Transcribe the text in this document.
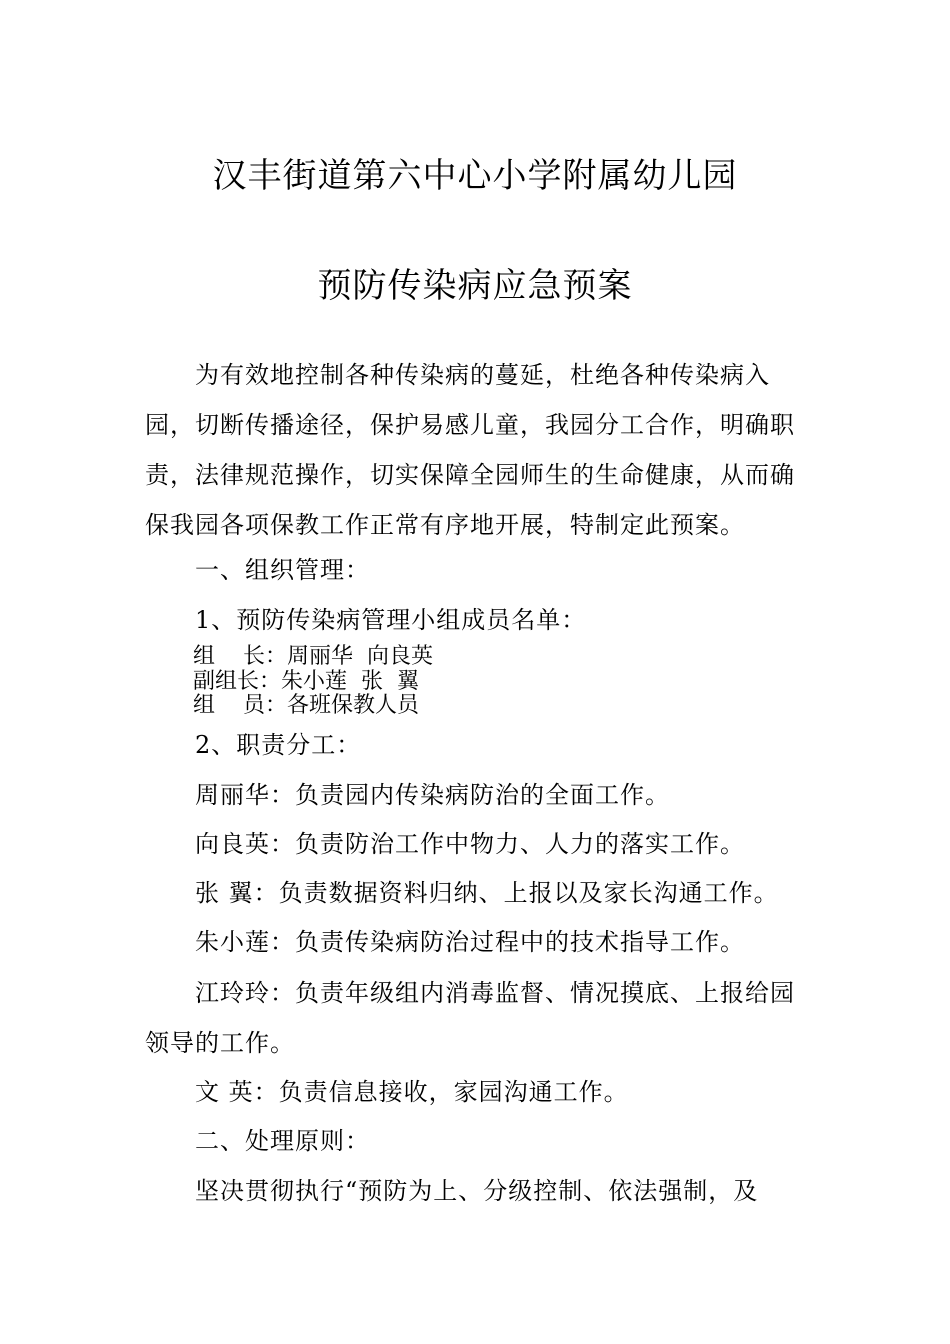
汉丰街道第六中心小学附属幼儿园
预防传染病应急预案
为有效地控制各种传染病的蔓延，杜绝各种传染病入园，切断传播途径，保护易感儿童，我园分工合作，明确职责，法律规范操作，切实保障全园师生的生命健康，从而确保我园各项保教工作正常有序地开展，特制定此预案。
一、组织管理：
1、预防传染病管理小组成员名单：
组    长：周丽华  向良英
副组长：朱小莲  张  翼
组    员：各班保教人员
2、职责分工：
周丽华：负责园内传染病防治的全面工作。
向良英：负责防治工作中物力、人力的落实工作。
张 翼：负责数据资料归纳、上报以及家长沟通工作。
朱小莲：负责传染病防治过程中的技术指导工作。
江玲玲：负责年级组内消毒监督、情况摸底、上报给园领导的工作。
文 英：负责信息接收，家园沟通工作。
二、处理原则：
坚决贯彻执行“预防为上、分级控制、依法强制，及
